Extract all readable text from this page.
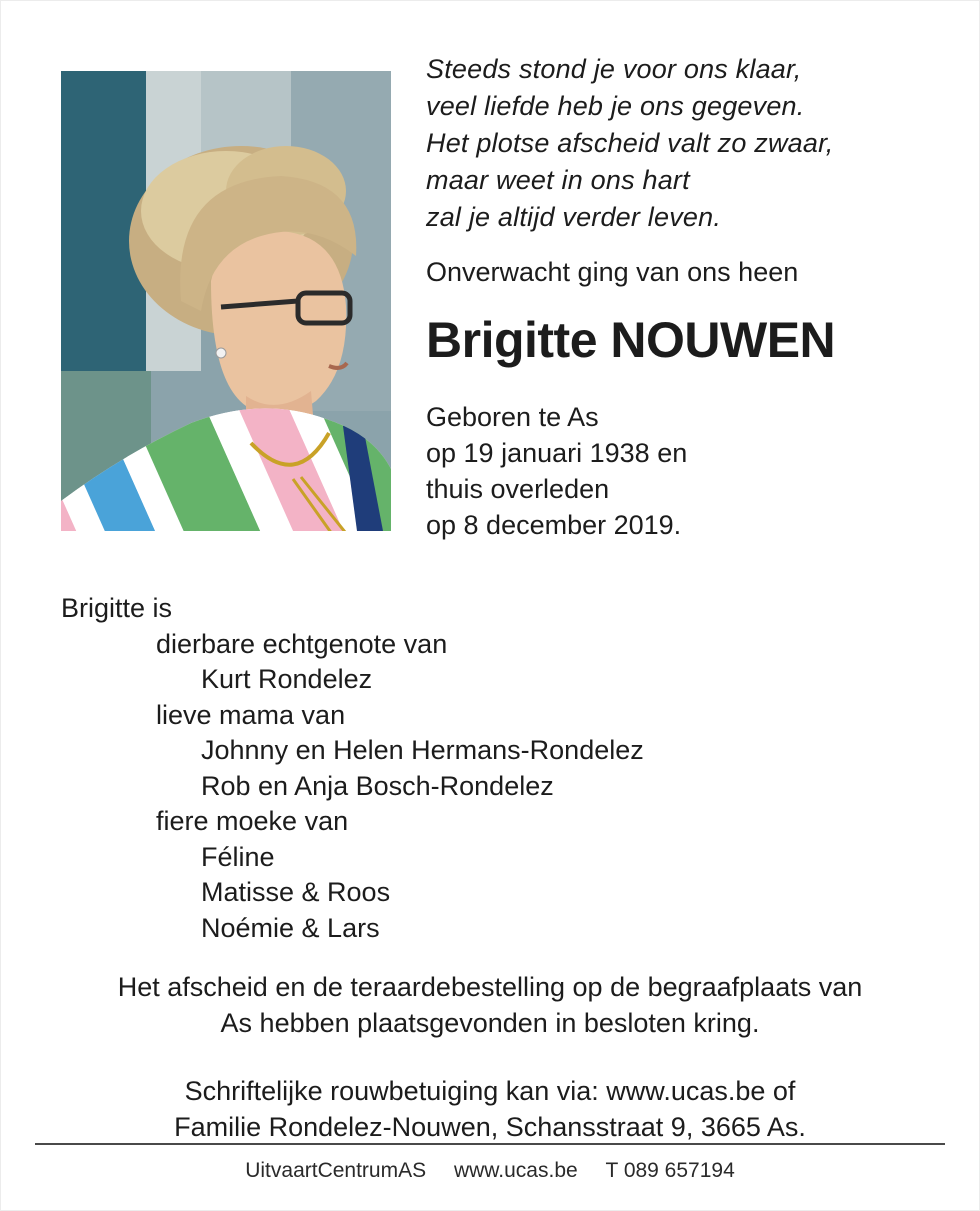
Steeds stond je voor ons klaar,
veel liefde heb je ons gegeven.
Het plotse afscheid valt zo zwaar,
maar weet in ons hart
zal je altijd verder leven.
Onverwacht ging van ons heen
Brigitte NOUWEN
Geboren te As
op 19 januari 1938 en
thuis overleden
op 8 december 2019.
Brigitte is
dierbare echtgenote van
Kurt Rondelez
lieve mama van
Johnny en Helen Hermans-Rondelez
Rob en Anja Bosch-Rondelez
fiere moeke van
Féline
Matisse & Roos
Noémie & Lars
Het afscheid en de teraardebestelling op de begraafplaats van
As hebben plaatsgevonden in besloten kring.
Schriftelijke rouwbetuiging kan via: www.ucas.be of
Familie Rondelez-Nouwen, Schansstraat 9, 3665 As.
UitvaartCentrumAS www.ucas.be T 089 657194
